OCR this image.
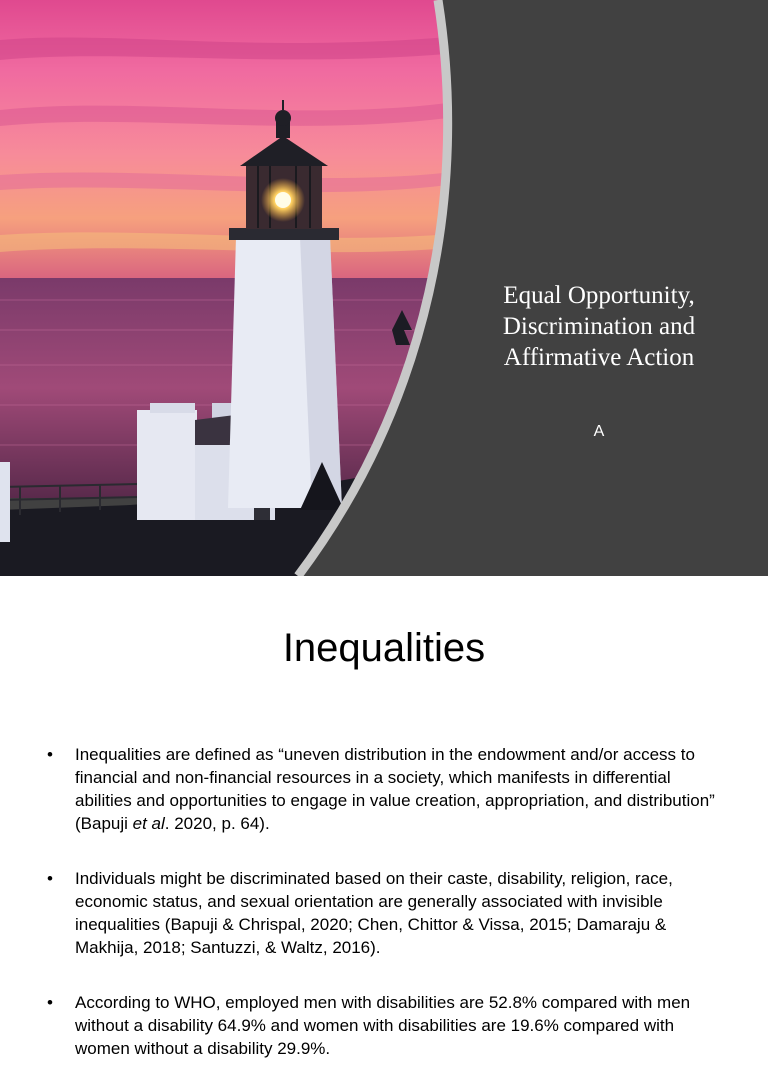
Equal Opportunity,
Discrimination and
Affirmative Action
A
Inequalities
• Inequalities are defined as “uneven distribution in the endowment and/or access to financial and non-financial resources in a society, which manifests in differential abilities and opportunities to engage in value creation, appropriation, and distribution” (Bapuji et al. 2020, p. 64).
• Individuals might be discriminated based on their caste, disability, religion, race, economic status, and sexual orientation are generally associated with invisible inequalities (Bapuji & Chrispal, 2020; Chen, Chittor & Vissa, 2015; Damaraju & Makhija, 2018; Santuzzi, & Waltz, 2016).
• According to WHO, employed men with disabilities are 52.8% compared with men without a disability 64.9% and women with disabilities are 19.6% compared with women without a disability 29.9%.
